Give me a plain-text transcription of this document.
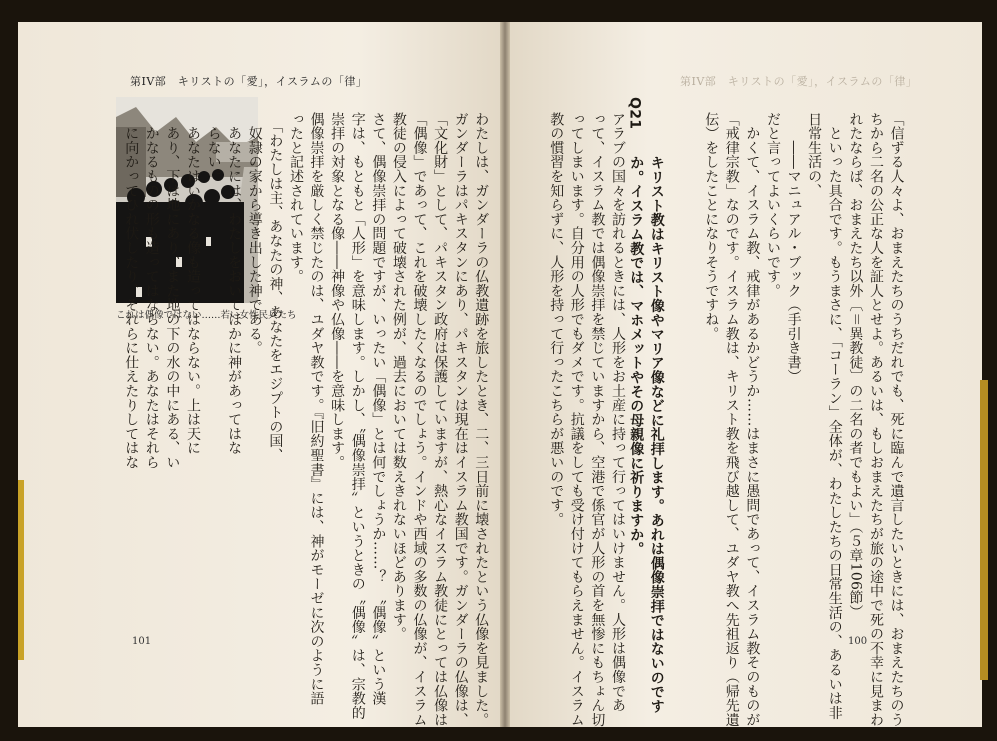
第IV部　キリストの「愛」，イスラムの「律」
これは偶像ではない……若い女性民兵たち	わたしは、ガンダーラの仏教遺跡を旅したとき、二、三日前に壊されたという仏像を見ました。
ガンダーラはパキスタンにあり、パキスタンは現在はイスラム教国です。ガンダーラの仏像は、
「文化財」として、パキスタン政府は保護していますが、熱心なイスラム教徒にとっては仏像は
「偶像」であって、これを破壊したくなるのでしょう。インドや西域の多数の仏像が、イスラム
教徒の侵入によって破壊された例が、過去においては数えきれないほどあります。
さて、偶像崇拝の問題ですが、いったい「偶像」とは何でしょうか……？　〝偶像〟という漢
字は、もともと「人形」を意味します。しかし、〝偶像崇拝〟というときの〝偶像〟は、宗教的
崇拝の対象となる像――神像や仏像――を意味します。
偶像崇拝を厳しく禁じたのは、ユダヤ教です。『旧約聖書』には、神がモーゼに次のように語
ったと記述されています。
　「わたしは主、あなたの神、あなたをエジプトの国、
　奴隷の家から導き出した神である。
　あなたには、わたしをおいてほかに神があってはな
　らない。
　あなたはいかなる像も造ってはならない。上は天に
　あり、下は地にあり、また地の下の水の中にある、い
　かなるものの形も造ってはならない。あなたはそれら
　に向かってひれ伏したり、それらに仕えたりしてはな

101
第IV部　キリストの「愛」，イスラムの「律」

「信ずる人々よ、おまえたちのうちだれでも、死に臨んで遺言したいときには、おまえたちのう
ちから二名の公正な人を証人とせよ。あるいは、もしおまえたちが旅の途中で死の不幸に見まわ
れたならば、おまえたち以外〔＝異教徒〕の二名の者でもよい」（５章106節）
　といった具合です。もうまさに、「コーラン」全体が、わたしたちの日常生活の、あるいは非
日常生活の、
　　――マニュアル・ブック（手引き書）
だと言ってよいくらいです。
　かくて、イスラム教、戒律があるかどうか……はまさに愚問であって、イスラム教そのものが
「戒律宗教」なのです。イスラム教は、キリスト教を飛び越して、ユダヤ教へ先祖返り（帰先遺
伝）をしたことになりそうですね。

Q21

キリスト教はキリスト像やマリア像などに礼拝します。あれは偶像崇拝ではないのです
か。イスラム教では、マホメットやその母親像に祈りますか。

アラブの国々を訪れるときには、人形をお土産に持って行ってはいけません。人形は偶像であ
って、イスラム教では偶像崇拝を禁じていますから、空港で係官が人形の首を無惨にもちょん切
ってしまいます。自分用の人形でもダメです。抗議をしても受け付けてもらえません。イスラム
教の慣習を知らずに、人形を持って行ったこちらが悪いのです。

100
